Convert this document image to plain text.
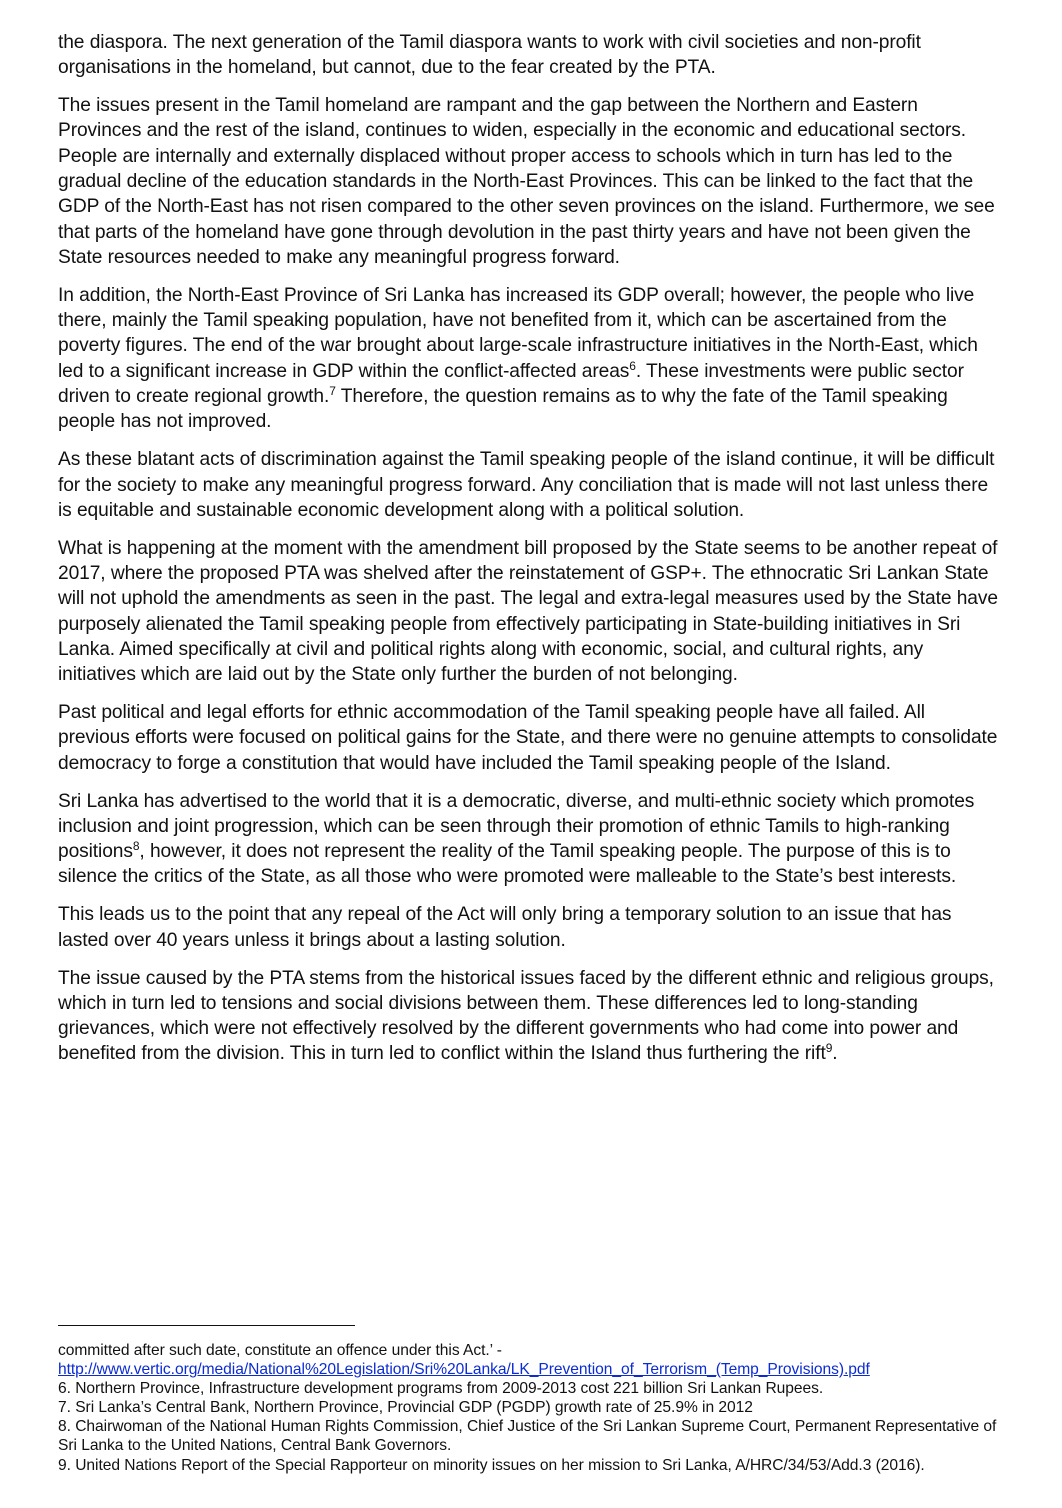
the diaspora. The next generation of the Tamil diaspora wants to work with civil societies and non-profit organisations in the homeland, but cannot, due to the fear created by the PTA.

The issues present in the Tamil homeland are rampant and the gap between the Northern and Eastern Provinces and the rest of the island, continues to widen, especially in the economic and educational sectors. People are internally and externally displaced without proper access to schools which in turn has led to the gradual decline of the education standards in the North-East Provinces. This can be linked to the fact that the GDP of the North-East has not risen compared to the other seven provinces on the island. Furthermore, we see that parts of the homeland have gone through devolution in the past thirty years and have not been given the State resources needed to make any meaningful progress forward.

In addition, the North-East Province of Sri Lanka has increased its GDP overall; however, the people who live there, mainly the Tamil speaking population, have not benefited from it, which can be ascertained from the poverty figures. The end of the war brought about large-scale infrastructure initiatives in the North-East, which led to a significant increase in GDP within the conflict-affected areas$^6$. These investments were public sector driven to create regional growth.$^7$ Therefore, the question remains as to why the fate of the Tamil speaking people has not improved.

As these blatant acts of discrimination against the Tamil speaking people of the island continue, it will be difficult for the society to make any meaningful progress forward. Any conciliation that is made will not last unless there is equitable and sustainable economic development along with a political solution.

What is happening at the moment with the amendment bill proposed by the State seems to be another repeat of 2017, where the proposed PTA was shelved after the reinstatement of GSP+. The ethnocratic Sri Lankan State will not uphold the amendments as seen in the past. The legal and extra-legal measures used by the State have purposely alienated the Tamil speaking people from effectively participating in State-building initiatives in Sri Lanka. Aimed specifically at civil and political rights along with economic, social, and cultural rights, any initiatives which are laid out by the State only further the burden of not belonging.

Past political and legal efforts for ethnic accommodation of the Tamil speaking people have all failed. All previous efforts were focused on political gains for the State, and there were no genuine attempts to consolidate democracy to forge a constitution that would have included the Tamil speaking people of the Island.

Sri Lanka has advertised to the world that it is a democratic, diverse, and multi-ethnic society which promotes inclusion and joint progression, which can be seen through their promotion of ethnic Tamils to high-ranking positions$^8$, however, it does not represent the reality of the Tamil speaking people. The purpose of this is to silence the critics of the State, as all those who were promoted were malleable to the State’s best interests.

This leads us to the point that any repeal of the Act will only bring a temporary solution to an issue that has lasted over 40 years unless it brings about a lasting solution.

The issue caused by the PTA stems from the historical issues faced by the different ethnic and religious groups, which in turn led to tensions and social divisions between them. These differences led to long-standing grievances, which were not effectively resolved by the different governments who had come into power and benefited from the division. This in turn led to conflict within the Island thus furthering the rift$^9$.

committed after such date, constitute an offence under this Act.’ -

http://www.vertic.org/media/National%20Legislation/Sri%20Lanka/LK_Prevention_of_Terrorism_(Temp_Provisions).pdf

6. Northern Province, Infrastructure development programs from 2009-2013 cost 221 billion Sri Lankan Rupees.

7. Sri Lanka’s Central Bank, Northern Province, Provincial GDP (PGDP) growth rate of 25.9% in 2012

8. Chairwoman of the National Human Rights Commission, Chief Justice of the Sri Lankan Supreme Court, Permanent Representative of Sri Lanka to the United Nations, Central Bank Governors.

9. United Nations Report of the Special Rapporteur on minority issues on her mission to Sri Lanka, A/HRC/34/53/Add.3 (2016).
